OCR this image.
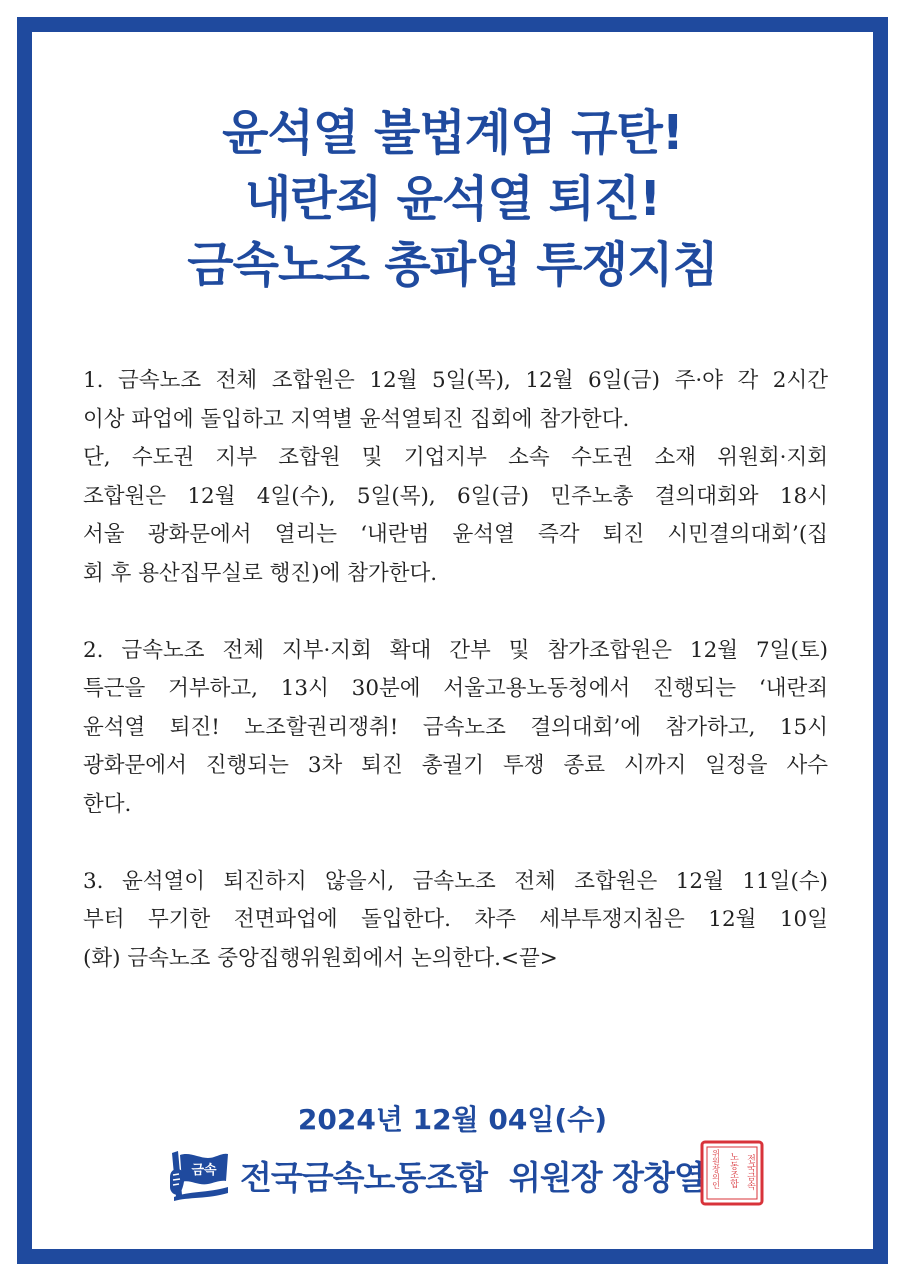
윤석열 불법계엄 규탄!
내란죄 윤석열 퇴진!
금속노조 총파업 투쟁지침
1. 금속노조 전체 조합원은 12월 5일(목), 12월 6일(금) 주·야 각 2시간
이상 파업에 돌입하고 지역별 윤석열퇴진 집회에 참가한다.
단, 수도권 지부 조합원 및 기업지부 소속 수도권 소재 위원회·지회
조합원은 12월 4일(수), 5일(목), 6일(금) 민주노총 결의대회와 18시
서울 광화문에서 열리는 ‘내란범 윤석열 즉각 퇴진 시민결의대회’(집
회 후 용산집무실로 행진)에 참가한다.
2. 금속노조 전체 지부·지회 확대 간부 및 참가조합원은 12월 7일(토)
특근을 거부하고, 13시 30분에 서울고용노동청에서 진행되는 ‘내란죄
윤석열 퇴진! 노조할권리쟁취! 금속노조 결의대회’에 참가하고, 15시
광화문에서 진행되는 3차 퇴진 총궐기 투쟁 종료 시까지 일정을 사수
한다.
3. 윤석열이 퇴진하지 않을시, 금속노조 전체 조합원은 12월 11일(수)
부터 무기한 전면파업에 돌입한다. 차주 세부투쟁지침은 12월 10일
(화) 금속노조 중앙집행위원회에서 논의한다.<끝>
2024년 12월 04일(수)
금속 전국금속노동조합 위원장 장창열	전국금속
노동조합
위원장의인
